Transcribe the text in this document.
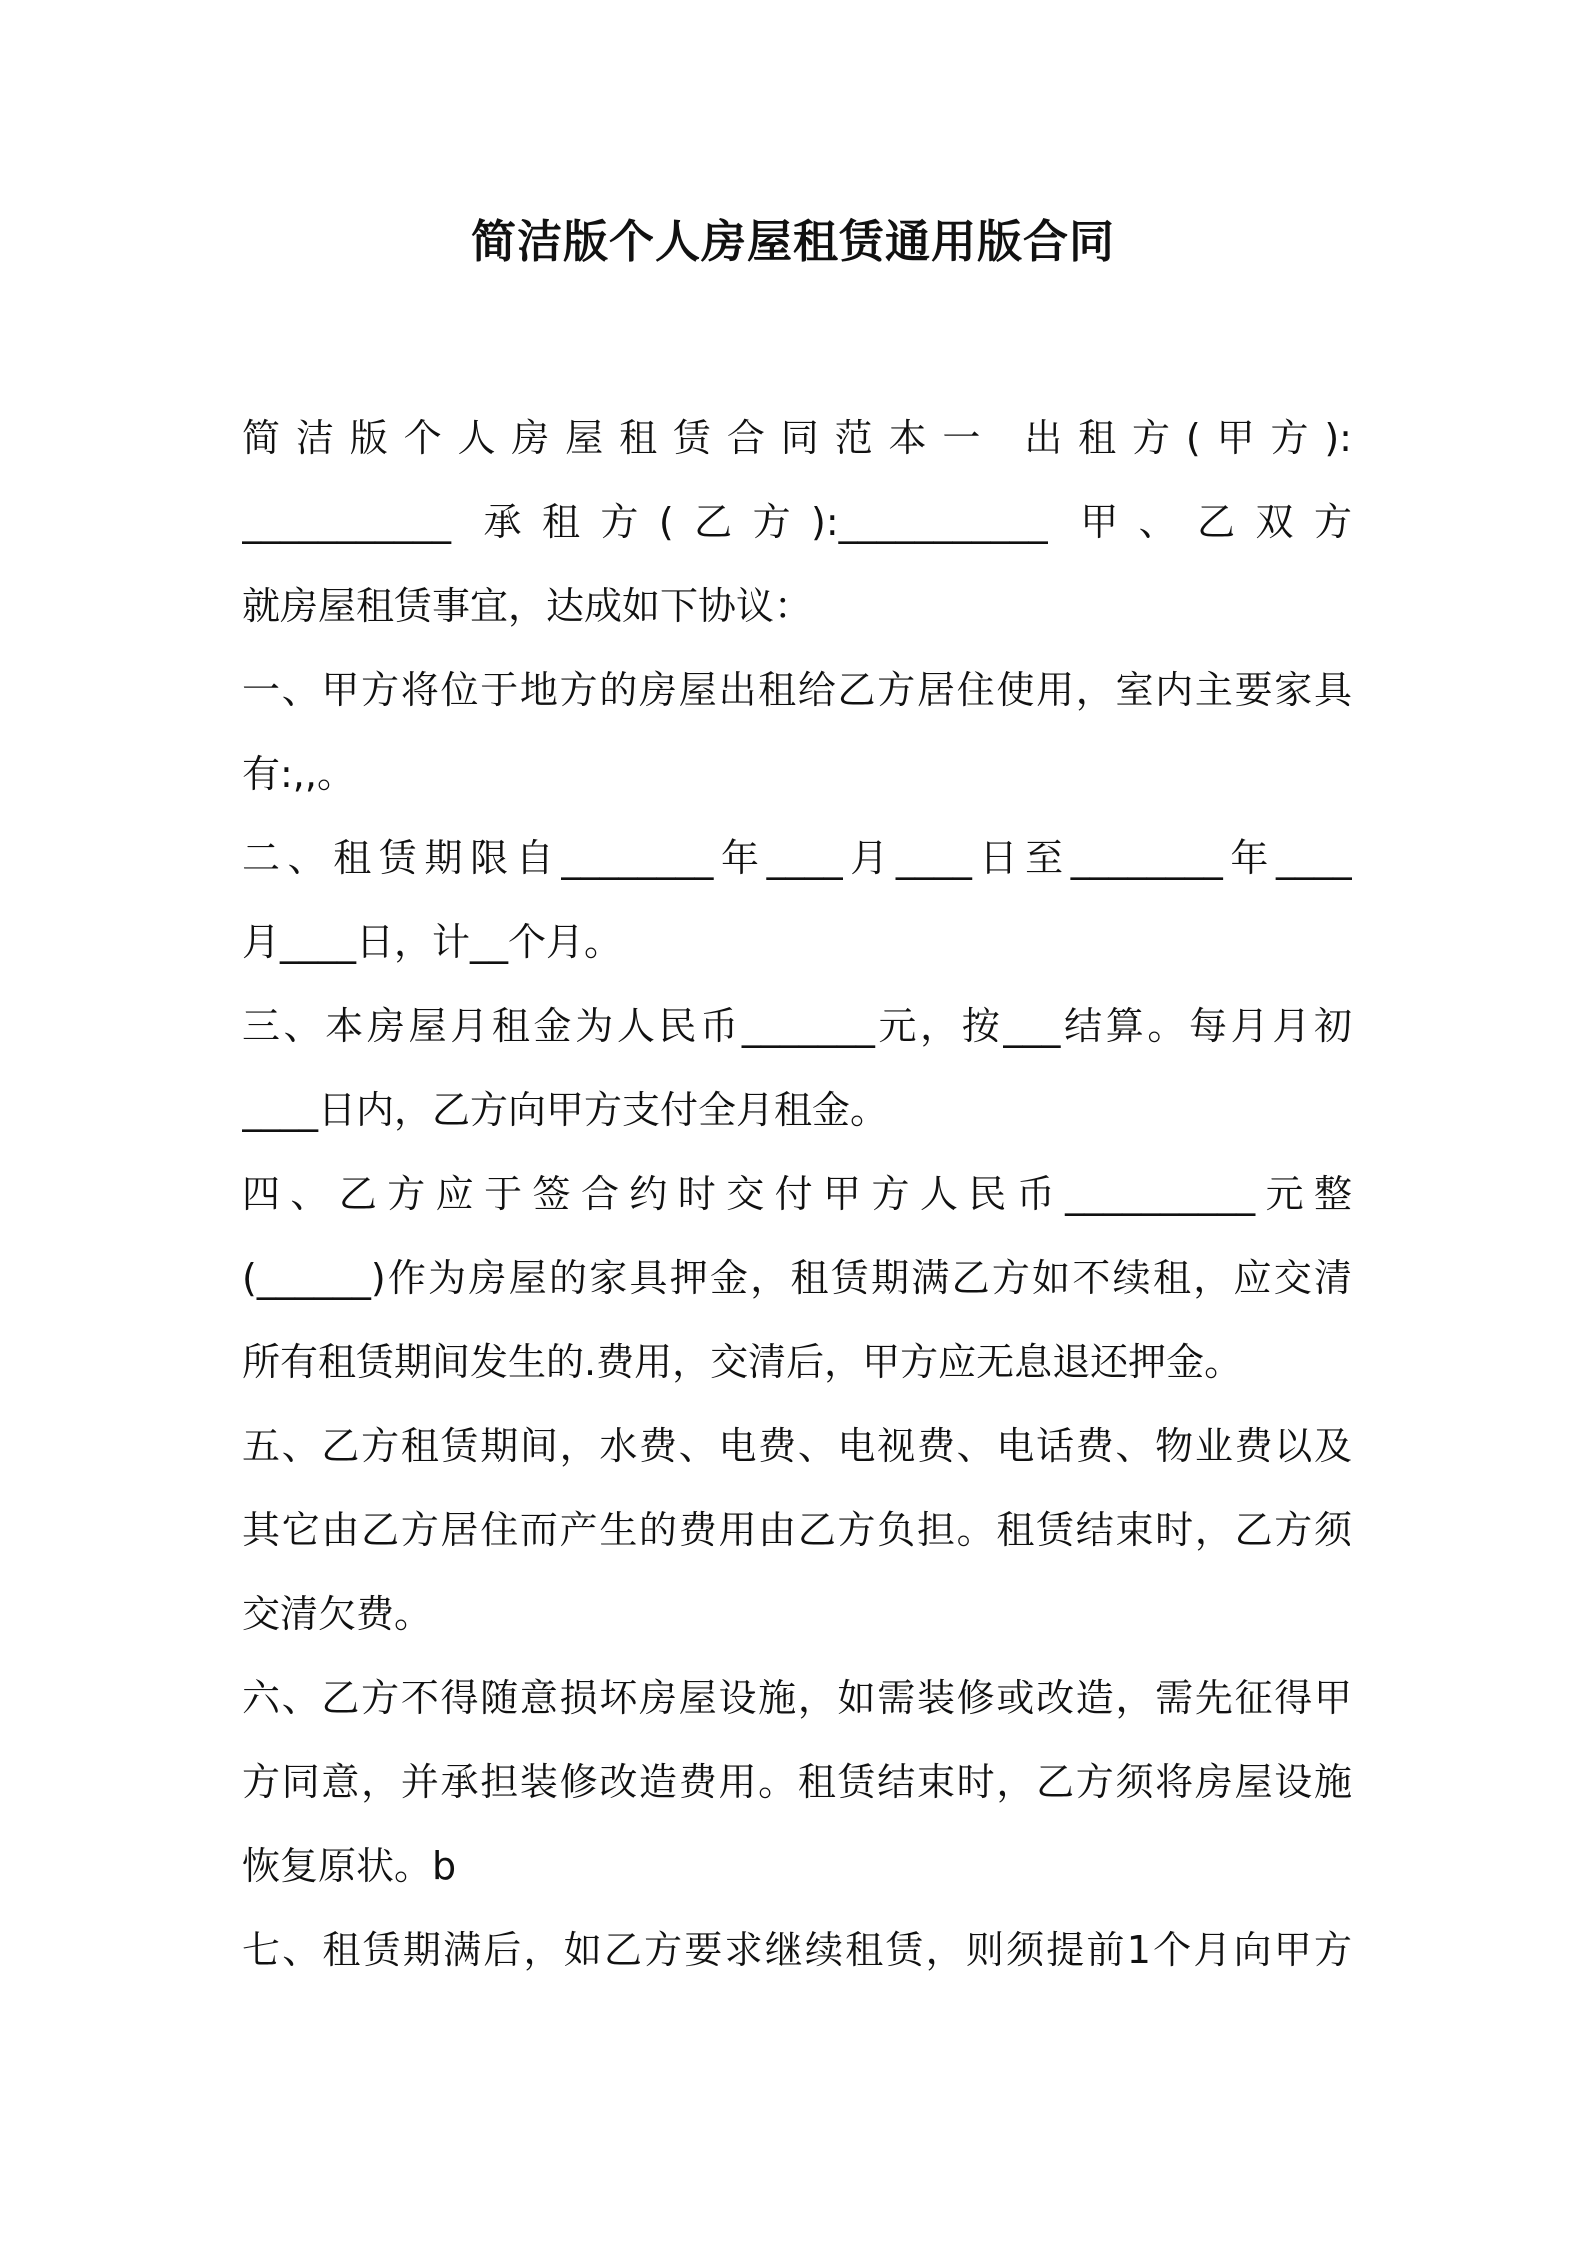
简洁版个人房屋租赁通用版合同
简洁版个人房屋租赁合同范本一 出租方(甲方):
___________ 承租方(乙方):___________ 甲、乙双方
就房屋租赁事宜，达成如下协议：
一、甲方将位于地方的房屋出租给乙方居住使用，室内主要家具
有:,,。
二、租赁期限自________年____月____日至________年____
月____日，计__个月。
三、本房屋月租金为人民币_______元，按___结算。每月月初
____日内，乙方向甲方支付全月租金。
四、乙方应于签合约时交付甲方人民币__________元整
(______)作为房屋的家具押金，租赁期满乙方如不续租，应交清
所有租赁期间发生的.费用，交清后，甲方应无息退还押金。
五、乙方租赁期间，水费、电费、电视费、电话费、物业费以及
其它由乙方居住而产生的费用由乙方负担。租赁结束时，乙方须
交清欠费。
六、乙方不得随意损坏房屋设施，如需装修或改造，需先征得甲
方同意，并承担装修改造费用。租赁结束时，乙方须将房屋设施
恢复原状。b
七、租赁期满后，如乙方要求继续租赁，则须提前1个月向甲方
